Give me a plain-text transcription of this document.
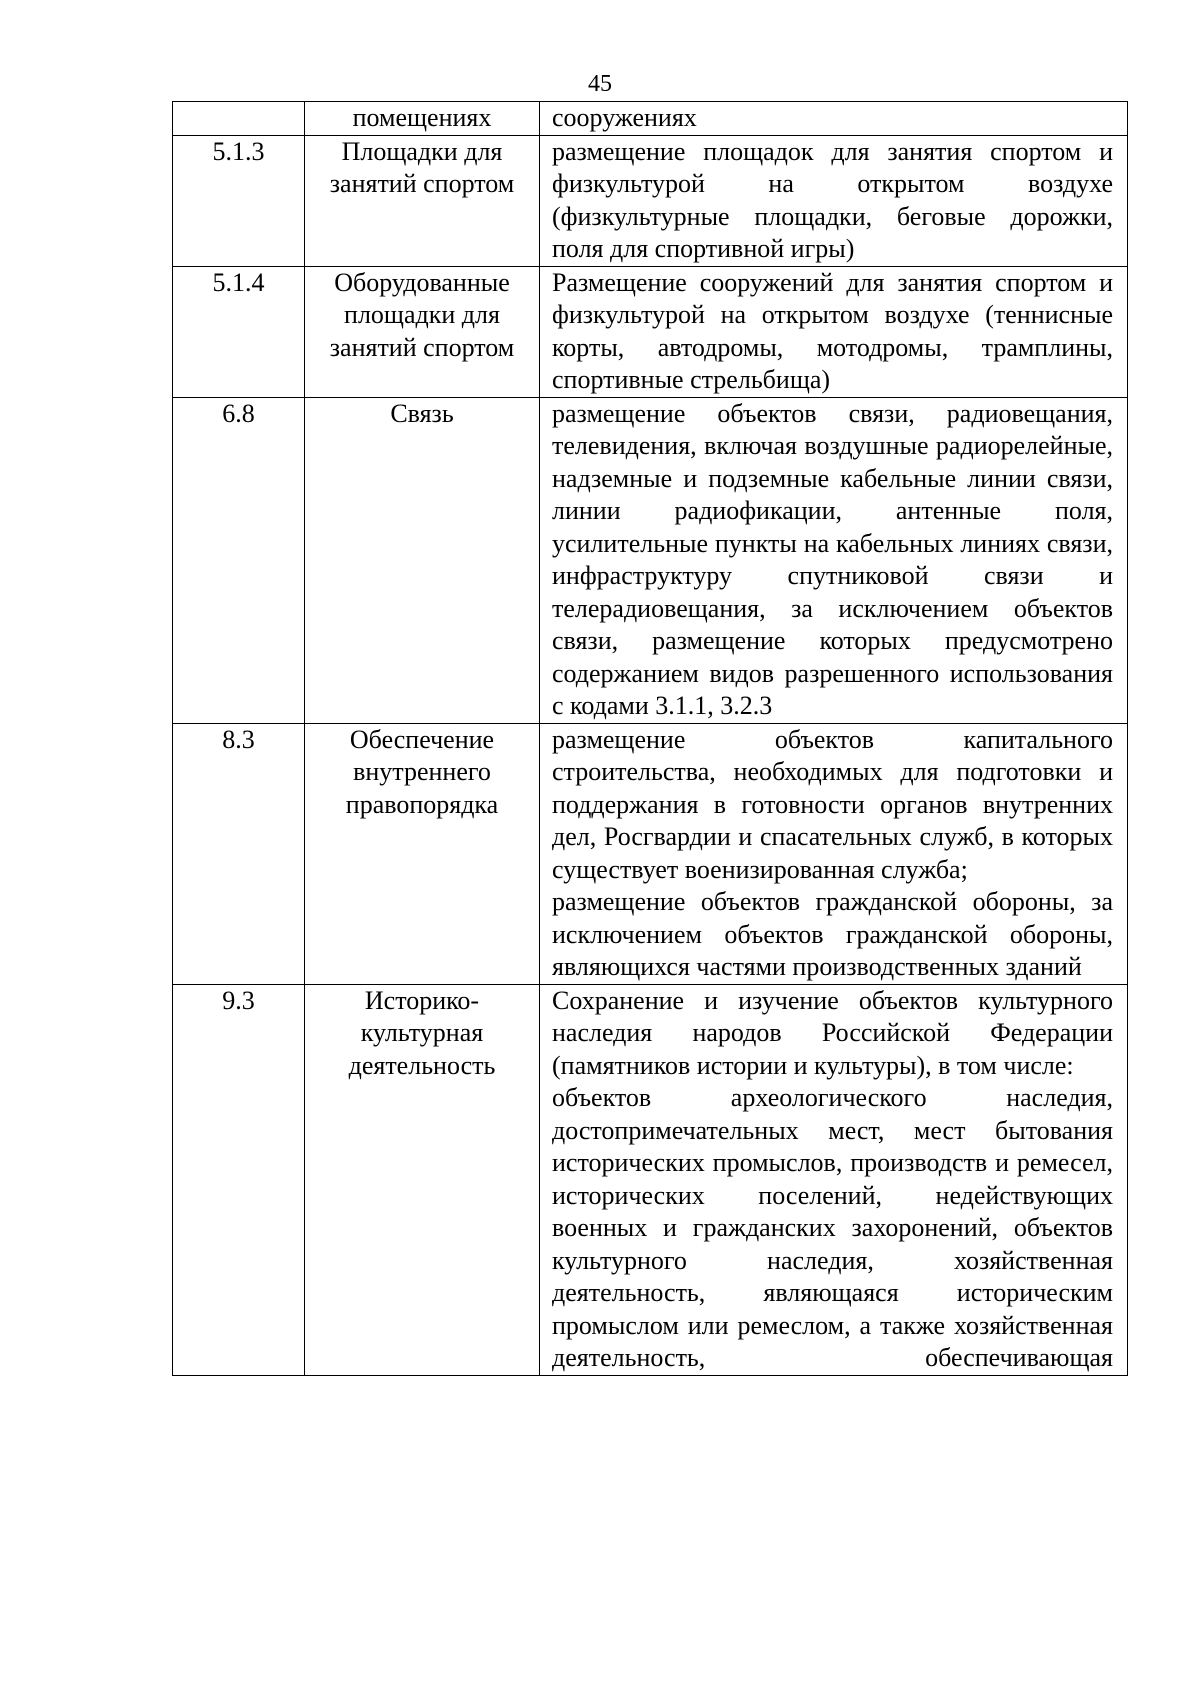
45
	помещениях	сооружениях

5.1.3	Площадки для занятий спортом	размещение площадок для занятия спортом и физкультурой на открытом воздухе (физкультурные площадки, беговые дорожки, поля для спортивной игры)

5.1.4	Оборудованные площадки для занятий спортом	Размещение сооружений для занятия спортом и физкультурой на открытом воздухе (теннисные корты, автодромы, мотодромы, трамплины, спортивные стрельбища)

6.8	Связь	размещение объектов связи, радиовещания, телевидения, включая воздушные радиорелейные, надземные и подземные кабельные линии связи, линии радиофикации, антенные поля, усилительные пункты на кабельных линиях связи, инфраструктуру спутниковой связи и телерадиовещания, за исключением объектов связи, размещение которых предусмотрено содержанием видов разрешенного использования с кодами 3.1.1, 3.2.3

8.3	Обеспечение внутреннего правопорядка	размещение объектов капитального строительства, необходимых для подготовки и поддержания в готовности органов внутренних дел, Росгвардии и спасательных служб, в которых существует военизированная служба;

размещение объектов гражданской обороны, за исключением объектов гражданской обороны, являющихся частями производственных зданий

9.3	Историко-культурная деятельность	Сохранение и изучение объектов культурного наследия народов Российской Федерации (памятников истории и культуры), в том числе:

объектов археологического наследия, достопримечательных мест, мест бытования исторических промыслов, производств и ремесел, исторических поселений, недействующих военных и гражданских захоронений, объектов культурного наследия, хозяйственная деятельность, являющаяся историческим промыслом или ремеслом, а также хозяйственная деятельность, обеспечивающая
